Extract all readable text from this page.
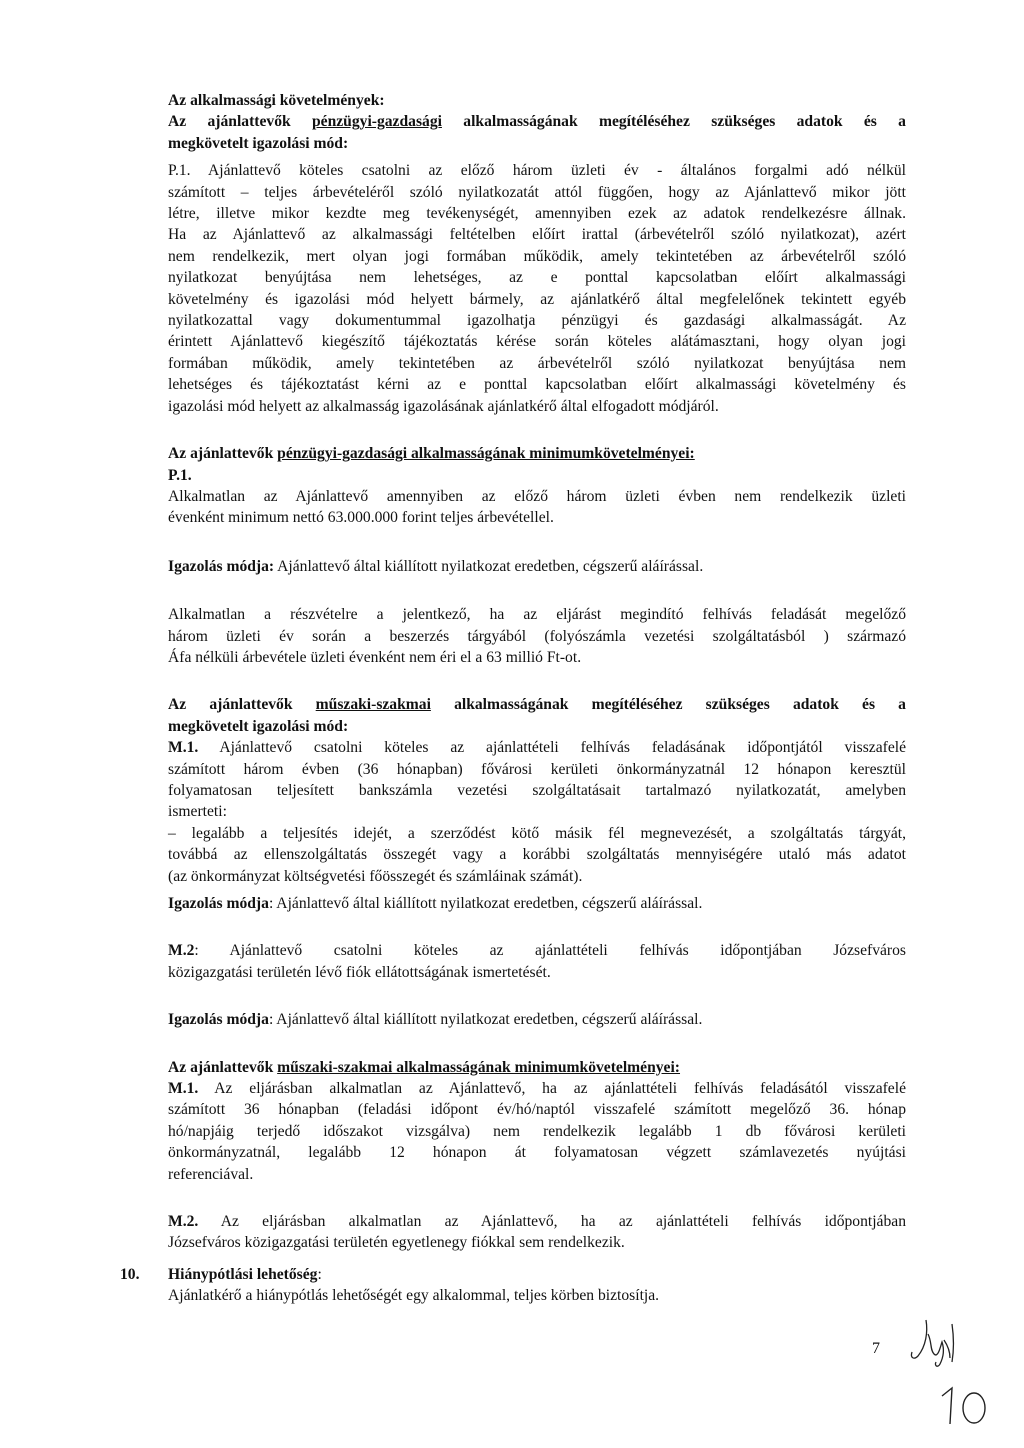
Az alkalmassági követelmények:

Az ajánlattevők pénzügyi-gazdasági alkalmasságának megítéléséhez szükséges adatok és a

megkövetelt igazolási mód:

P.1. Ajánlattevő köteles csatolni az előző három üzleti év - általános forgalmi adó nélkül

számított – teljes árbevételéről szóló nyilatkozatát attól függően, hogy az Ajánlattevő mikor jött

létre, illetve mikor kezdte meg tevékenységét, amennyiben ezek az adatok rendelkezésre állnak.

Ha az Ajánlattevő az alkalmassági feltételben előírt irattal (árbevételről szóló nyilatkozat), azért

nem rendelkezik, mert olyan jogi formában működik, amely tekintetében az árbevételről szóló

nyilatkozat benyújtása nem lehetséges, az e ponttal kapcsolatban előírt alkalmassági

követelmény és igazolási mód helyett bármely, az ajánlatkérő által megfelelőnek tekintett egyéb

nyilatkozattal vagy dokumentummal igazolhatja pénzügyi és gazdasági alkalmasságát. Az

érintett Ajánlattevő kiegészítő tájékoztatás kérése során köteles alátámasztani, hogy olyan jogi

formában működik, amely tekintetében az árbevételről szóló nyilatkozat benyújtása nem

lehetséges és tájékoztatást kérni az e ponttal kapcsolatban előírt alkalmassági követelmény és

igazolási mód helyett az alkalmasság igazolásának ajánlatkérő által elfogadott módjáról.

Az ajánlattevők pénzügyi-gazdasági alkalmasságának minimumkövetelményei:

P.1.

Alkalmatlan az Ajánlattevő amennyiben az előző három üzleti évben nem rendelkezik üzleti

évenként minimum nettó 63.000.000 forint teljes árbevétellel.

Igazolás módja: Ajánlattevő által kiállított nyilatkozat eredetben, cégszerű aláírással.

Alkalmatlan a részvételre a jelentkező, ha az eljárást megindító felhívás feladását megelőző

három üzleti év során a beszerzés tárgyából (folyószámla vezetési szolgáltatásból ) származó

Áfa nélküli árbevétele üzleti évenként nem éri el a 63 millió Ft-ot.

Az ajánlattevők műszaki-szakmai alkalmasságának megítéléséhez szükséges adatok és a

megkövetelt igazolási mód:

M.1. Ajánlattevő csatolni köteles az ajánlattételi felhívás feladásának időpontjától visszafelé

számított három évben (36 hónapban) fővárosi kerületi önkormányzatnál 12 hónapon keresztül

folyamatosan teljesített bankszámla vezetési szolgáltatásait tartalmazó nyilatkozatát, amelyben

ismerteti:

– legalább a teljesítés idejét, a szerződést kötő másik fél megnevezését, a szolgáltatás tárgyát,

továbbá az ellenszolgáltatás összegét vagy a korábbi szolgáltatás mennyiségére utaló más adatot

(az önkormányzat költségvetési főösszegét és számláinak számát).

Igazolás módja: Ajánlattevő által kiállított nyilatkozat eredetben, cégszerű aláírással.

M.2: Ajánlattevő csatolni köteles az ajánlattételi felhívás időpontjában Józsefváros

közigazgatási területén lévő fiók ellátottságának ismertetését.

Igazolás módja: Ajánlattevő által kiállított nyilatkozat eredetben, cégszerű aláírással.

Az ajánlattevők műszaki-szakmai alkalmasságának minimumkövetelményei:

M.1. Az eljárásban alkalmatlan az Ajánlattevő, ha az ajánlattételi felhívás feladásától visszafelé

számított 36 hónapban (feladási időpont év/hó/naptól visszafelé számított megelőző 36. hónap

hó/napjáig terjedő időszakot vizsgálva) nem rendelkezik legalább 1 db fővárosi kerületi

önkormányzatnál, legalább 12 hónapon át folyamatosan végzett számlavezetés nyújtási

referenciával.

M.2. Az eljárásban alkalmatlan az Ajánlattevő, ha az ajánlattételi felhívás időpontjában

Józsefváros közigazgatási területén egyetlenegy fiókkal sem rendelkezik.

10. Hiánypótlási lehetőség:

Ajánlatkérő a hiánypótlás lehetőségét egy alkalommal, teljes körben biztosítja.

7
